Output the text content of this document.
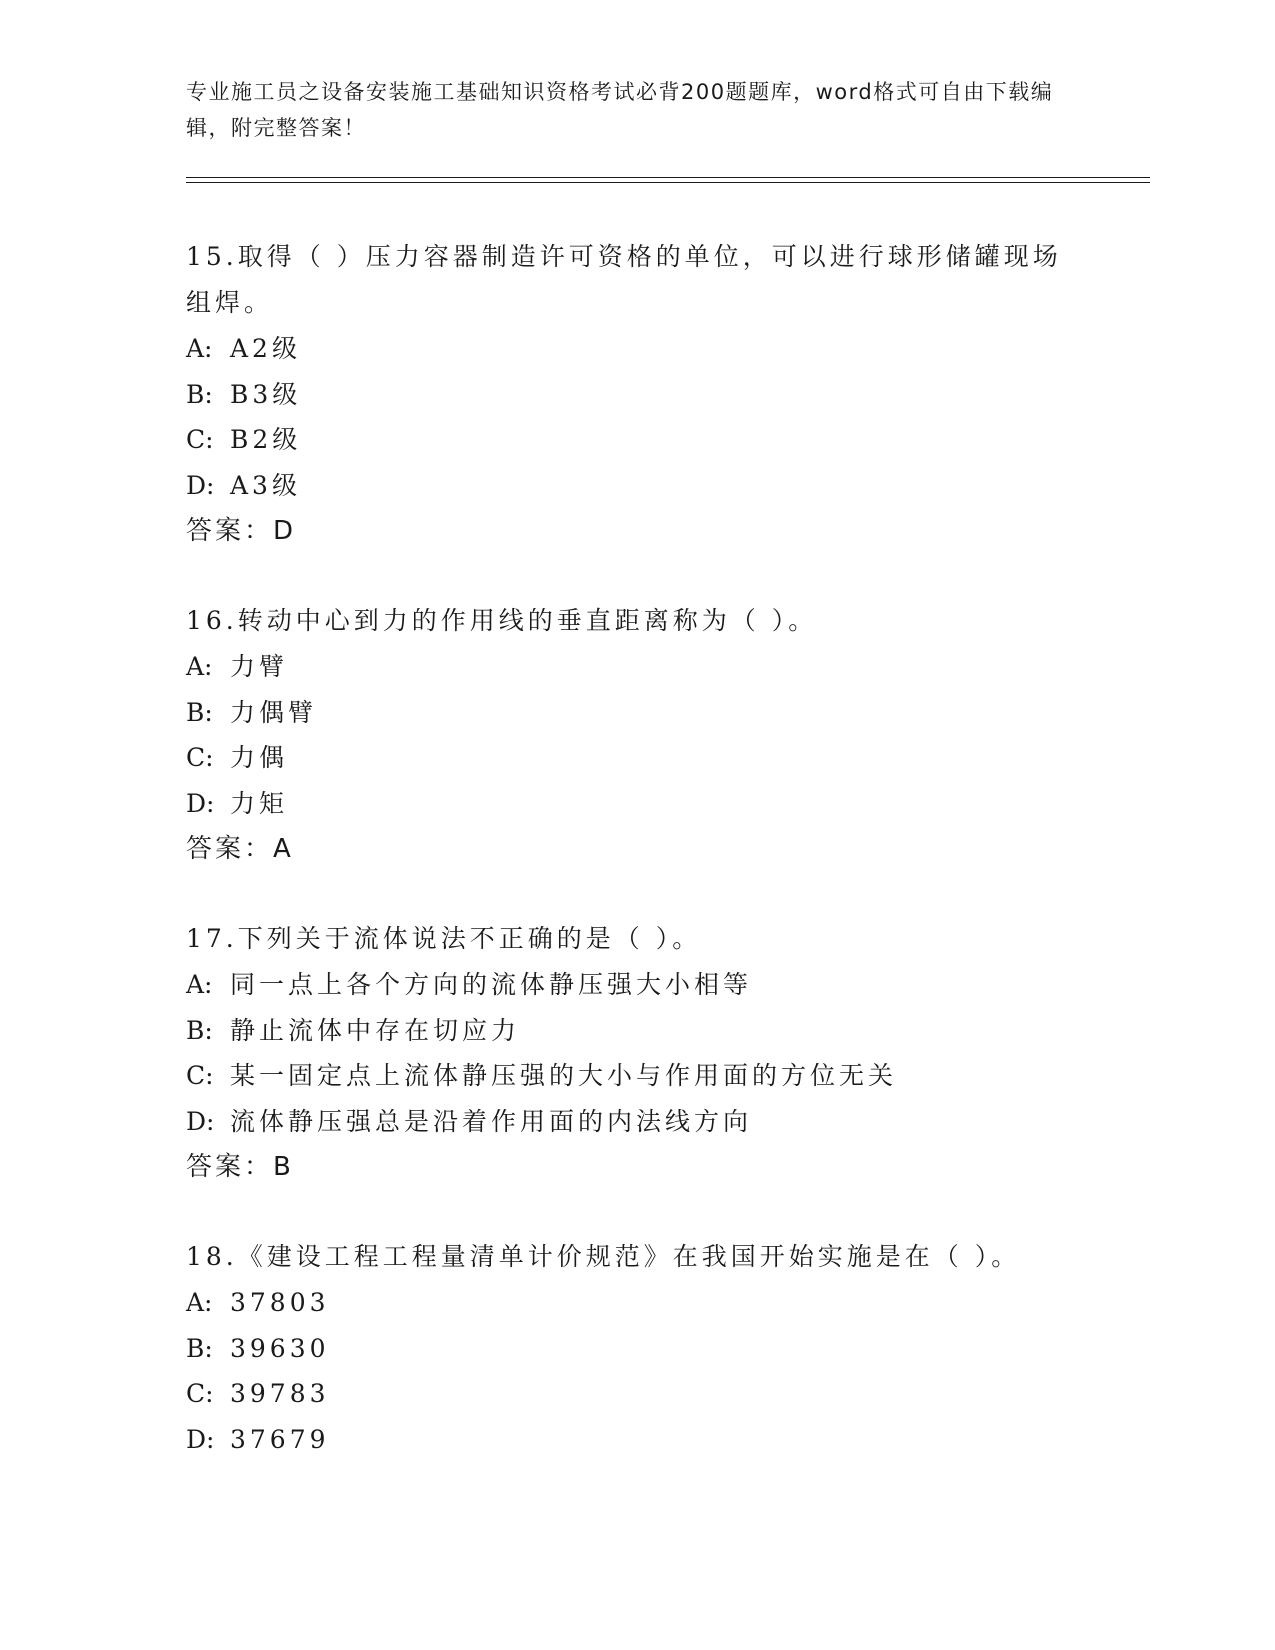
专业施工员之设备安装施工基础知识资格考试必背200题题库，word格式可自由下载编辑，附完整答案！

15.取得（ ）压力容器制造许可资格的单位，可以进行球形储罐现场组焊。

A: A2级

B: B3级

C: B2级

D: A3级

答案：D

16.转动中心到力的作用线的垂直距离称为（ ）。

A: 力臂

B: 力偶臂

C: 力偶

D: 力矩

答案：A

17.下列关于流体说法不正确的是（ ）。

A: 同一点上各个方向的流体静压强大小相等

B: 静止流体中存在切应力

C: 某一固定点上流体静压强的大小与作用面的方位无关

D: 流体静压强总是沿着作用面的内法线方向

答案：B

18.《建设工程工程量清单计价规范》在我国开始实施是在（ ）。

A: 37803

B: 39630

C: 39783

D: 37679
